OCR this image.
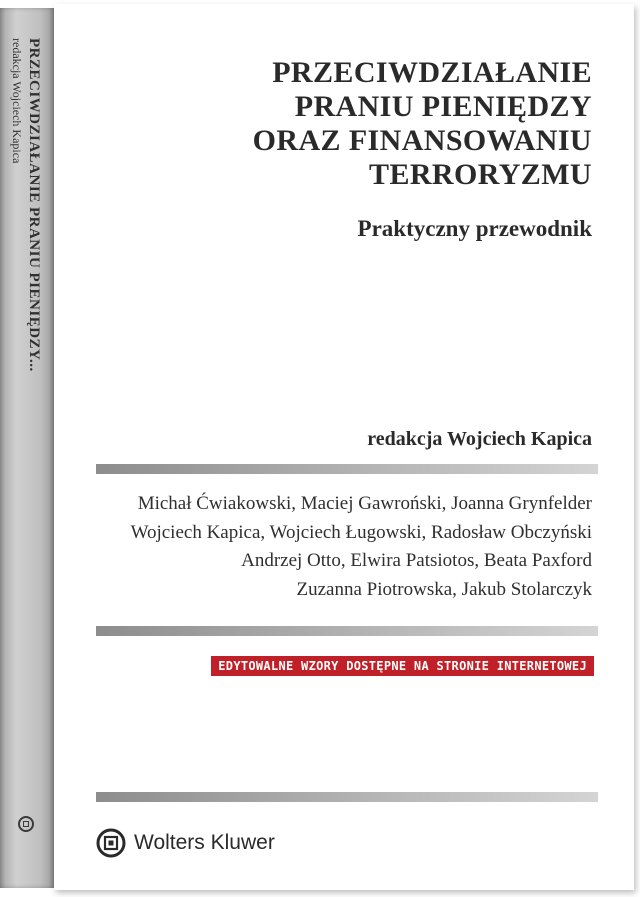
PRZECIWDZIAŁANIE PRANIU PIENIĘDZY...
redakcja Wojciech Kapica	PRZECIWDZIAŁANIE
PRANIU PIENIĘDZY
ORAZ FINANSOWANIU
TERRORYZMU
Praktyczny przewodnik
redakcja Wojciech Kapica
Michał Ćwiakowski, Maciej Gawroński, Joanna Grynfelder
Wojciech Kapica, Wojciech Ługowski, Radosław Obczyński
Andrzej Otto, Elwira Patsiotos, Beata Paxford
Zuzanna Piotrowska, Jakub Stolarczyk
EDYTOWALNE WZORY DOSTĘPNE NA STRONIE INTERNETOWEJ
Wolters Kluwer
